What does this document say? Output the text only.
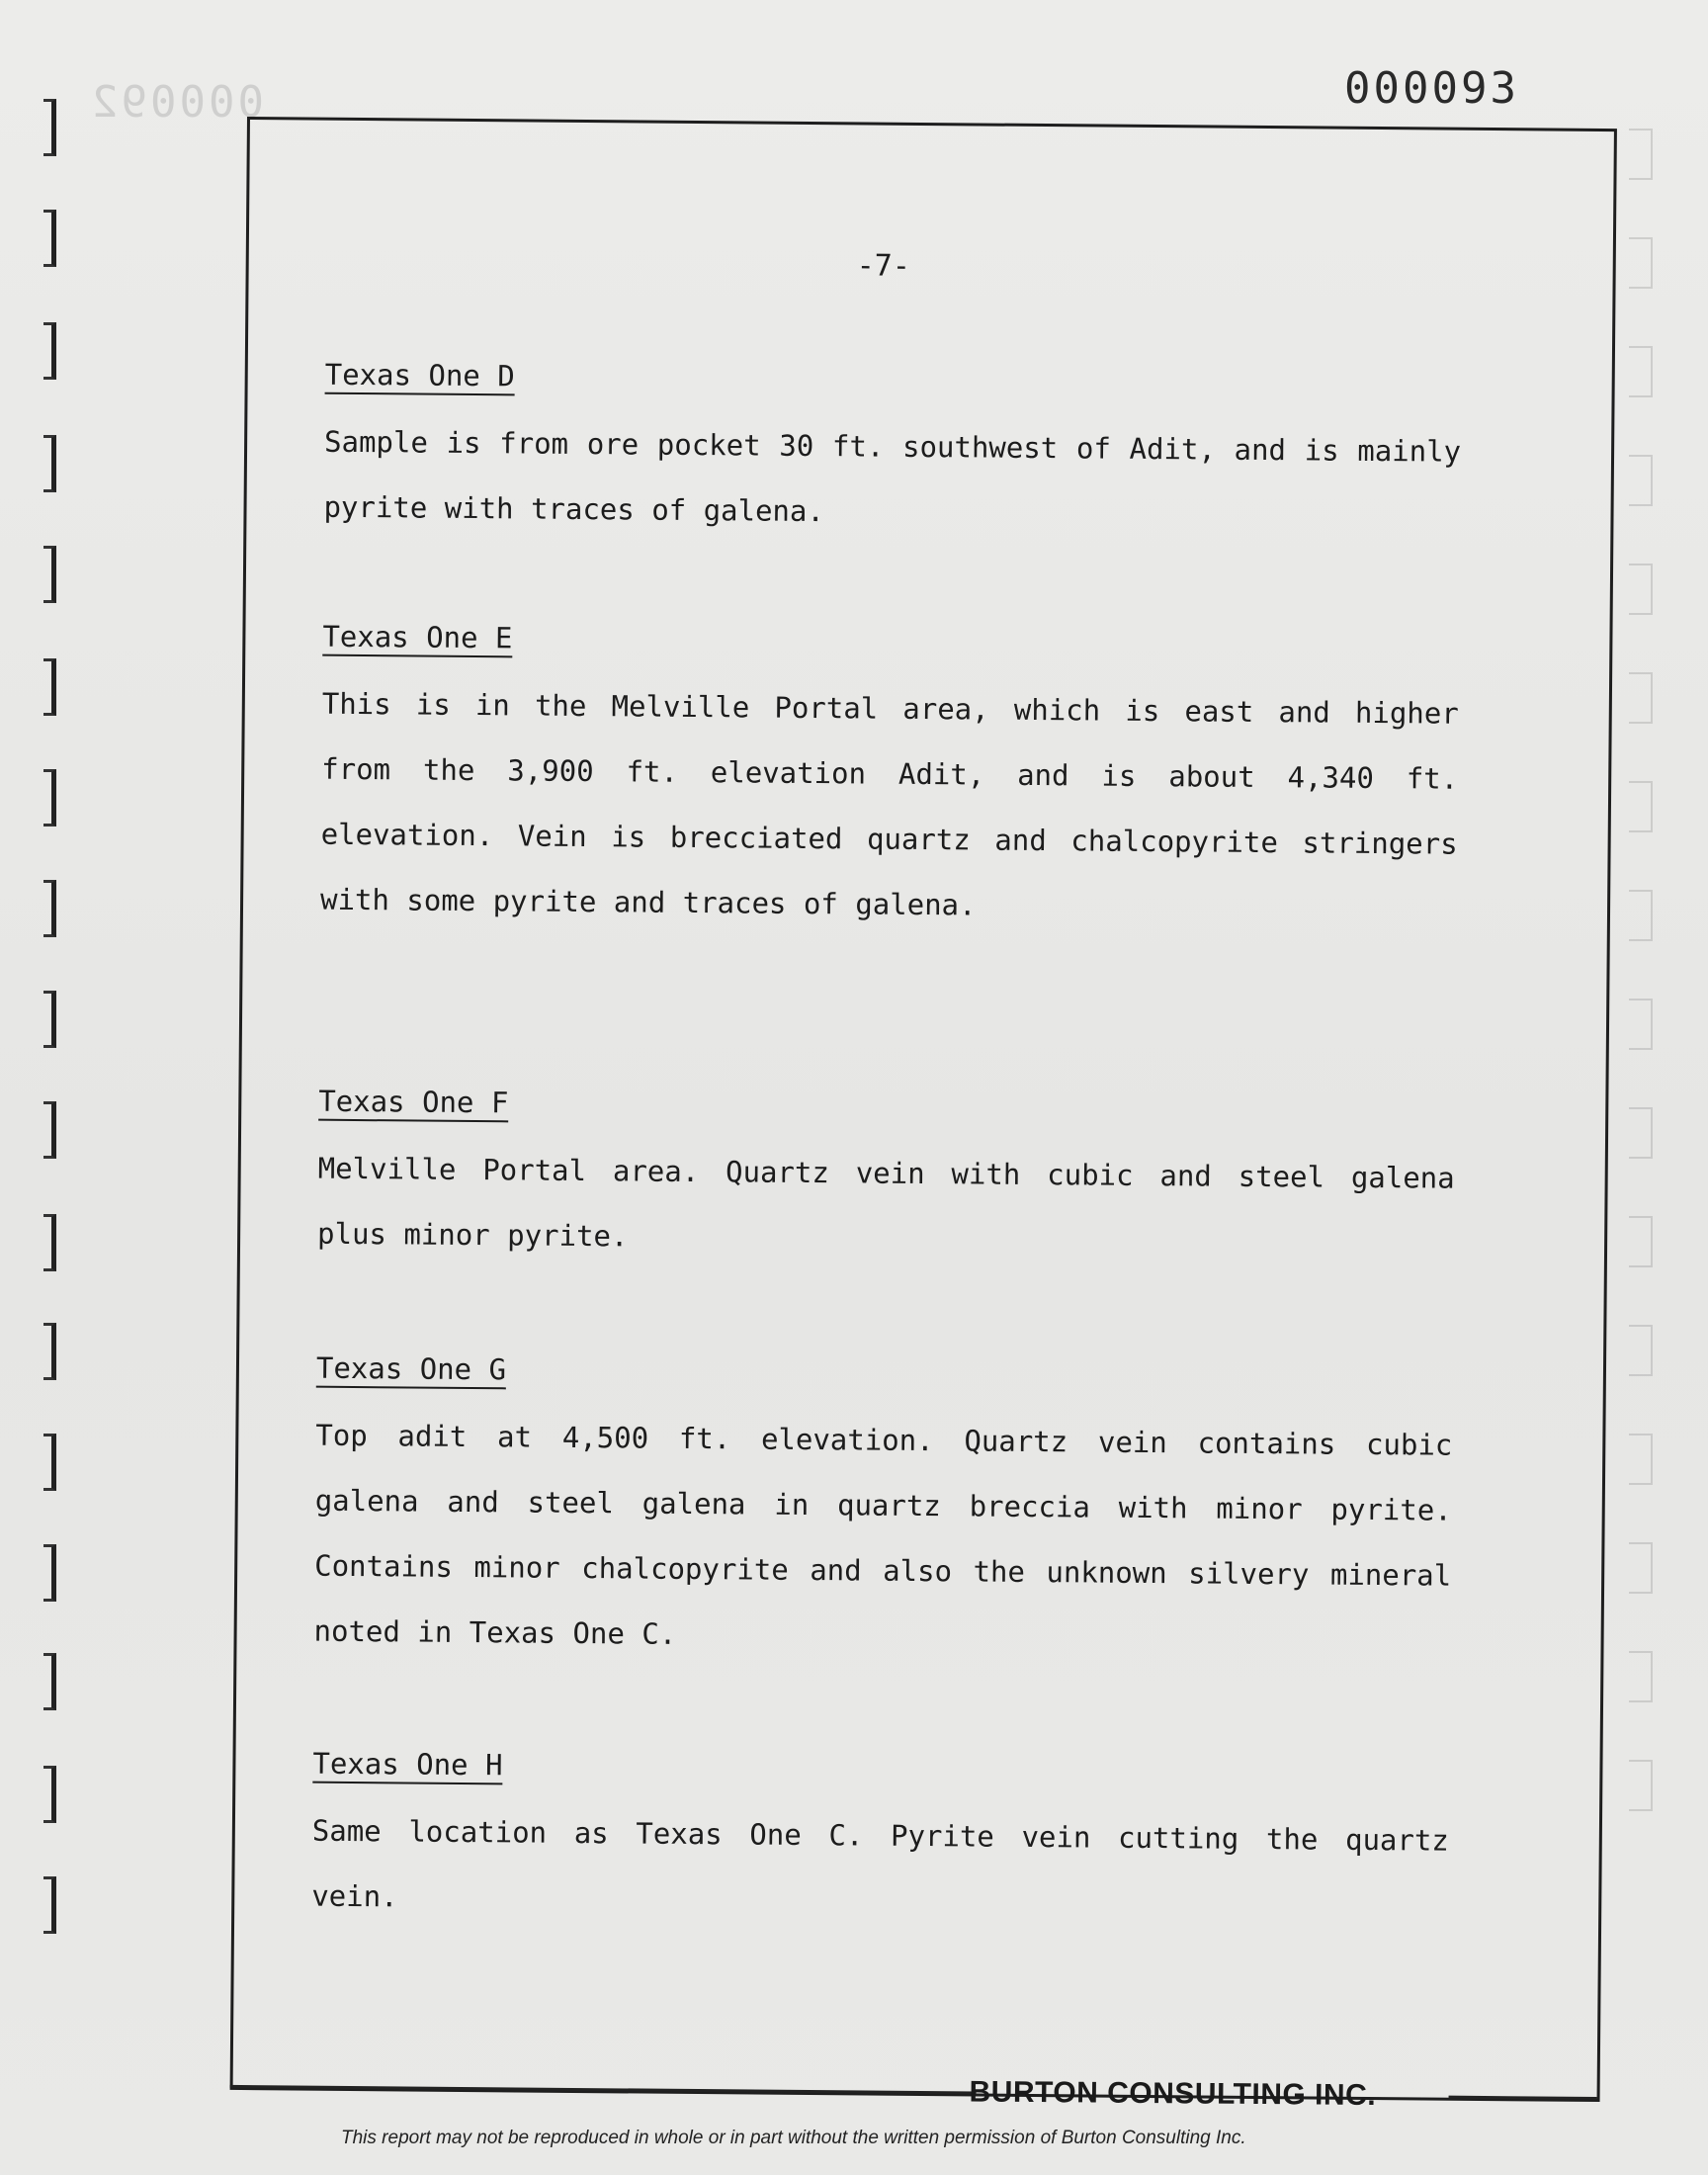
000092	000093
-7-
Texas One D
Sample is from ore pocket 30 ft. southwest of Adit, and is mainly pyrite with traces of galena.
Texas One E
This is in the Melville Portal area, which is east and higher from the 3,900 ft. elevation Adit, and is about 4,340 ft. elevation. Vein is brecciated quartz and chalcopyrite stringers with some pyrite and traces of galena.
Texas One F
Melville Portal area. Quartz vein with cubic and steel galena plus minor pyrite.
Texas One G
Top adit at 4,500 ft. elevation. Quartz vein contains cubic galena and steel galena in quartz breccia with minor pyrite. Contains minor chalcopyrite and also the unknown silvery mineral noted in Texas One C.
Texas One H
Same location as Texas One C. Pyrite vein cutting the quartz vein.
BURTON CONSULTING INC.
This report may not be reproduced in whole or in part without the written permission of Burton Consulting Inc.
